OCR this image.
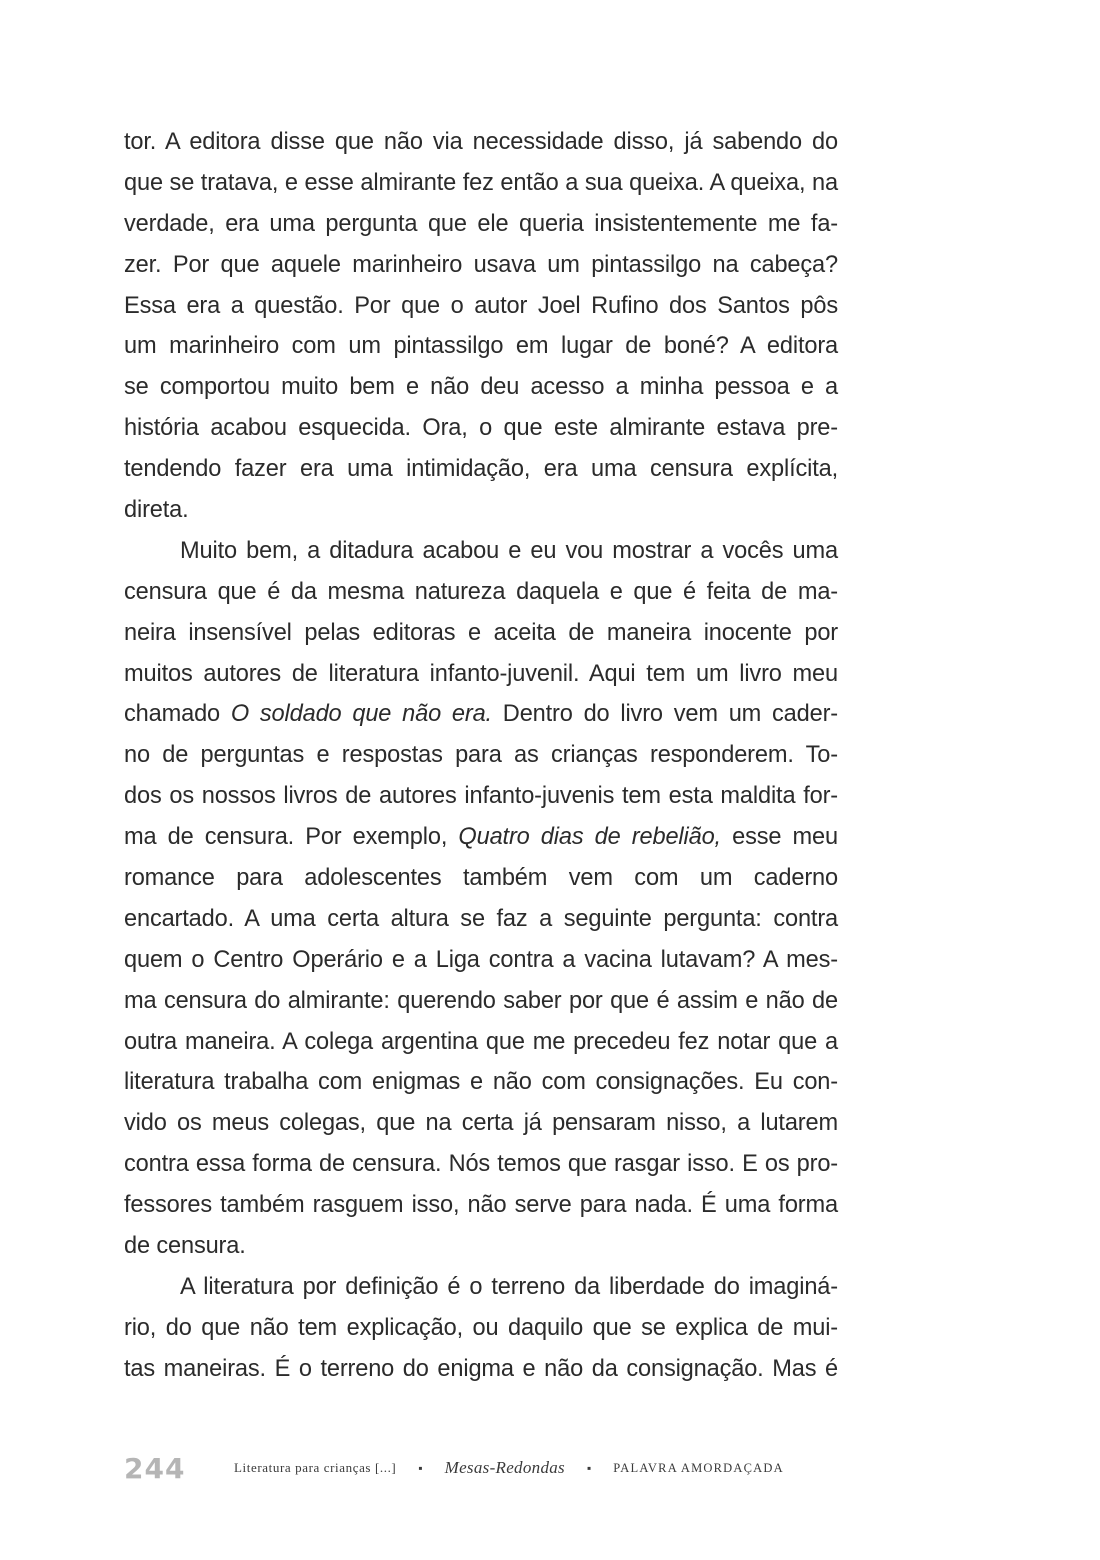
tor. A editora disse que não via necessidade disso, já sabendo do
que se tratava, e esse almirante fez então a sua queixa. A queixa, na
verdade, era uma pergunta que ele queria insistentemente me fa-
zer. Por que aquele marinheiro usava um pintassilgo na cabeça?
Essa era a questão. Por que o autor Joel Rufino dos Santos pôs
um marinheiro com um pintassilgo em lugar de boné? A editora
se comportou muito bem e não deu acesso a minha pessoa e a
história acabou esquecida. Ora, o que este almirante estava pre-
tendendo fazer era uma intimidação, era uma censura explícita,
direta.
Muito bem, a ditadura acabou e eu vou mostrar a vocês uma
censura que é da mesma natureza daquela e que é feita de ma-
neira insensível pelas editoras e aceita de maneira inocente por
muitos autores de literatura infanto-juvenil. Aqui tem um livro meu
chamado O soldado que não era. Dentro do livro vem um cader-
no de perguntas e respostas para as crianças responderem. To-
dos os nossos livros de autores infanto-juvenis tem esta maldita for-
ma de censura. Por exemplo, Quatro dias de rebelião, esse meu
romance para adolescentes também vem com um caderno
encartado. A uma certa altura se faz a seguinte pergunta: contra
quem o Centro Operário e a Liga contra a vacina lutavam? A mes-
ma censura do almirante: querendo saber por que é assim e não de
outra maneira. A colega argentina que me precedeu fez notar que a
literatura trabalha com enigmas e não com consignações. Eu con-
vido os meus colegas, que na certa já pensaram nisso, a lutarem
contra essa forma de censura. Nós temos que rasgar isso. E os pro-
fessores também rasguem isso, não serve para nada. É uma forma
de censura.
A literatura por definição é o terreno da liberdade do imaginá-
rio, do que não tem explicação, ou daquilo que se explica de mui-
tas maneiras. É o terreno do enigma e não da consignação. Mas é
244	Literatura para crianças [...] ▪ Mesas-Redondas ▪ PALAVRA AMORDAÇADA
